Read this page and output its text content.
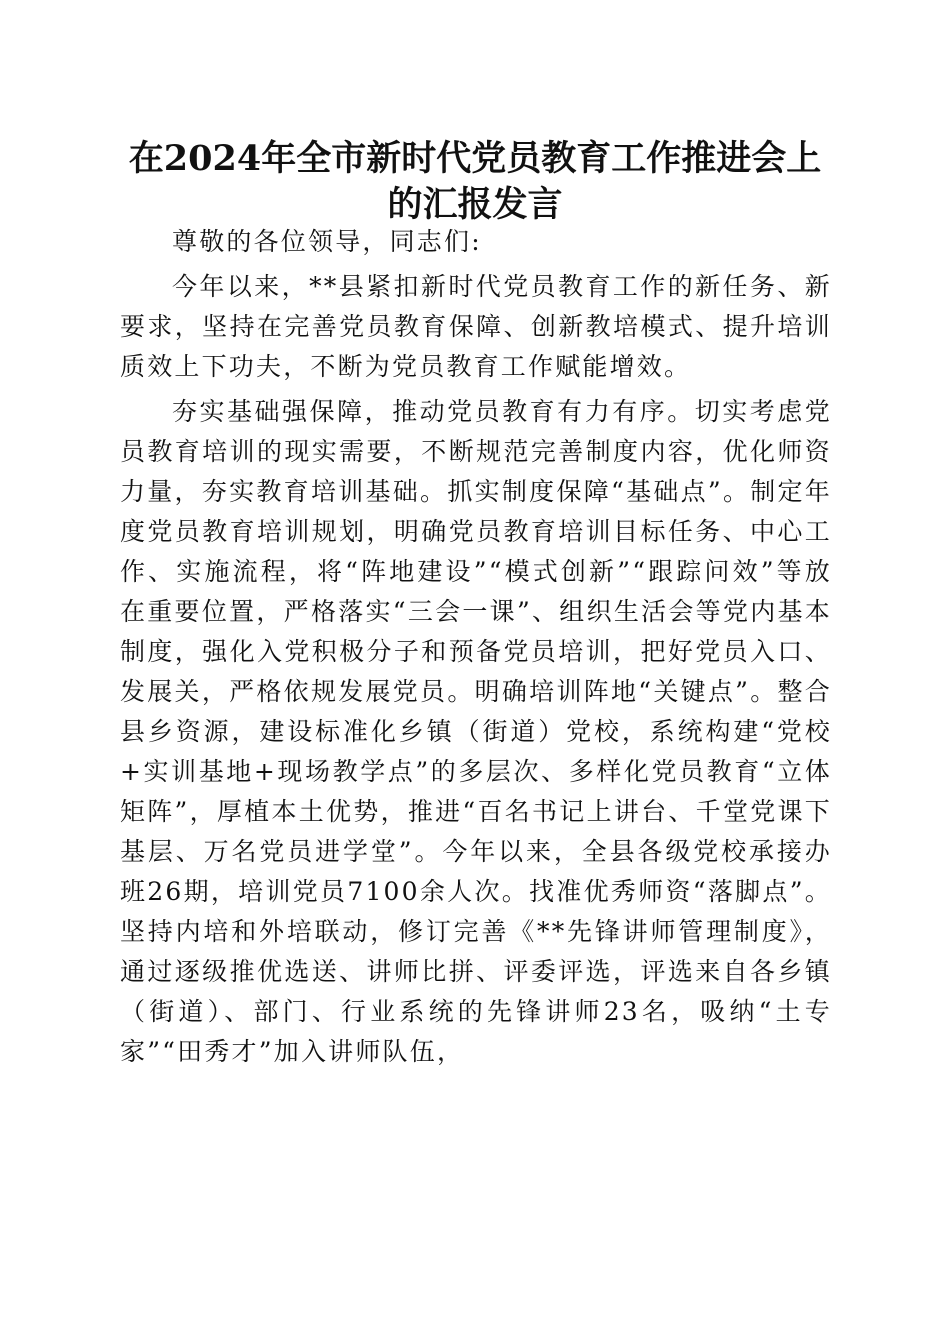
在2024年全市新时代党员教育工作推进会上
的汇报发言

尊敬的各位领导，同志们:

今年以来，**县紧扣新时代党员教育工作的新任务、新要求，坚持在完善党员教育保障、创新教培模式、提升培训质效上下功夫，不断为党员教育工作赋能增效。

夯实基础强保障，推动党员教育有力有序。切实考虑党员教育培训的现实需要，不断规范完善制度内容，优化师资力量，夯实教育培训基础。抓实制度保障“基础点”。制定年度党员教育培训规划，明确党员教育培训目标任务、中心工作、实施流程，将“阵地建设”“模式创新”“跟踪问效”等放在重要位置，严格落实“三会一课”、组织生活会等党内基本制度，强化入党积极分子和预备党员培训，把好党员入口、发展关，严格依规发展党员。明确培训阵地“关键点”。整合县乡资源，建设标准化乡镇（街道）党校，系统构建“党校+实训基地+现场教学点”的多层次、多样化党员教育“立体矩阵”，厚植本土优势，推进“百名书记上讲台、千堂党课下基层、万名党员进学堂”。今年以来，全县各级党校承接办班26期，培训党员7100余人次。找准优秀师资“落脚点”。坚持内培和外培联动，修订完善《**先锋讲师管理制度》，通过逐级推优选送、讲师比拼、评委评选，评选来自各乡镇（街道）、部门、行业系统的先锋讲师23名，吸纳“土专家”“田秀才”加入讲师队伍，
